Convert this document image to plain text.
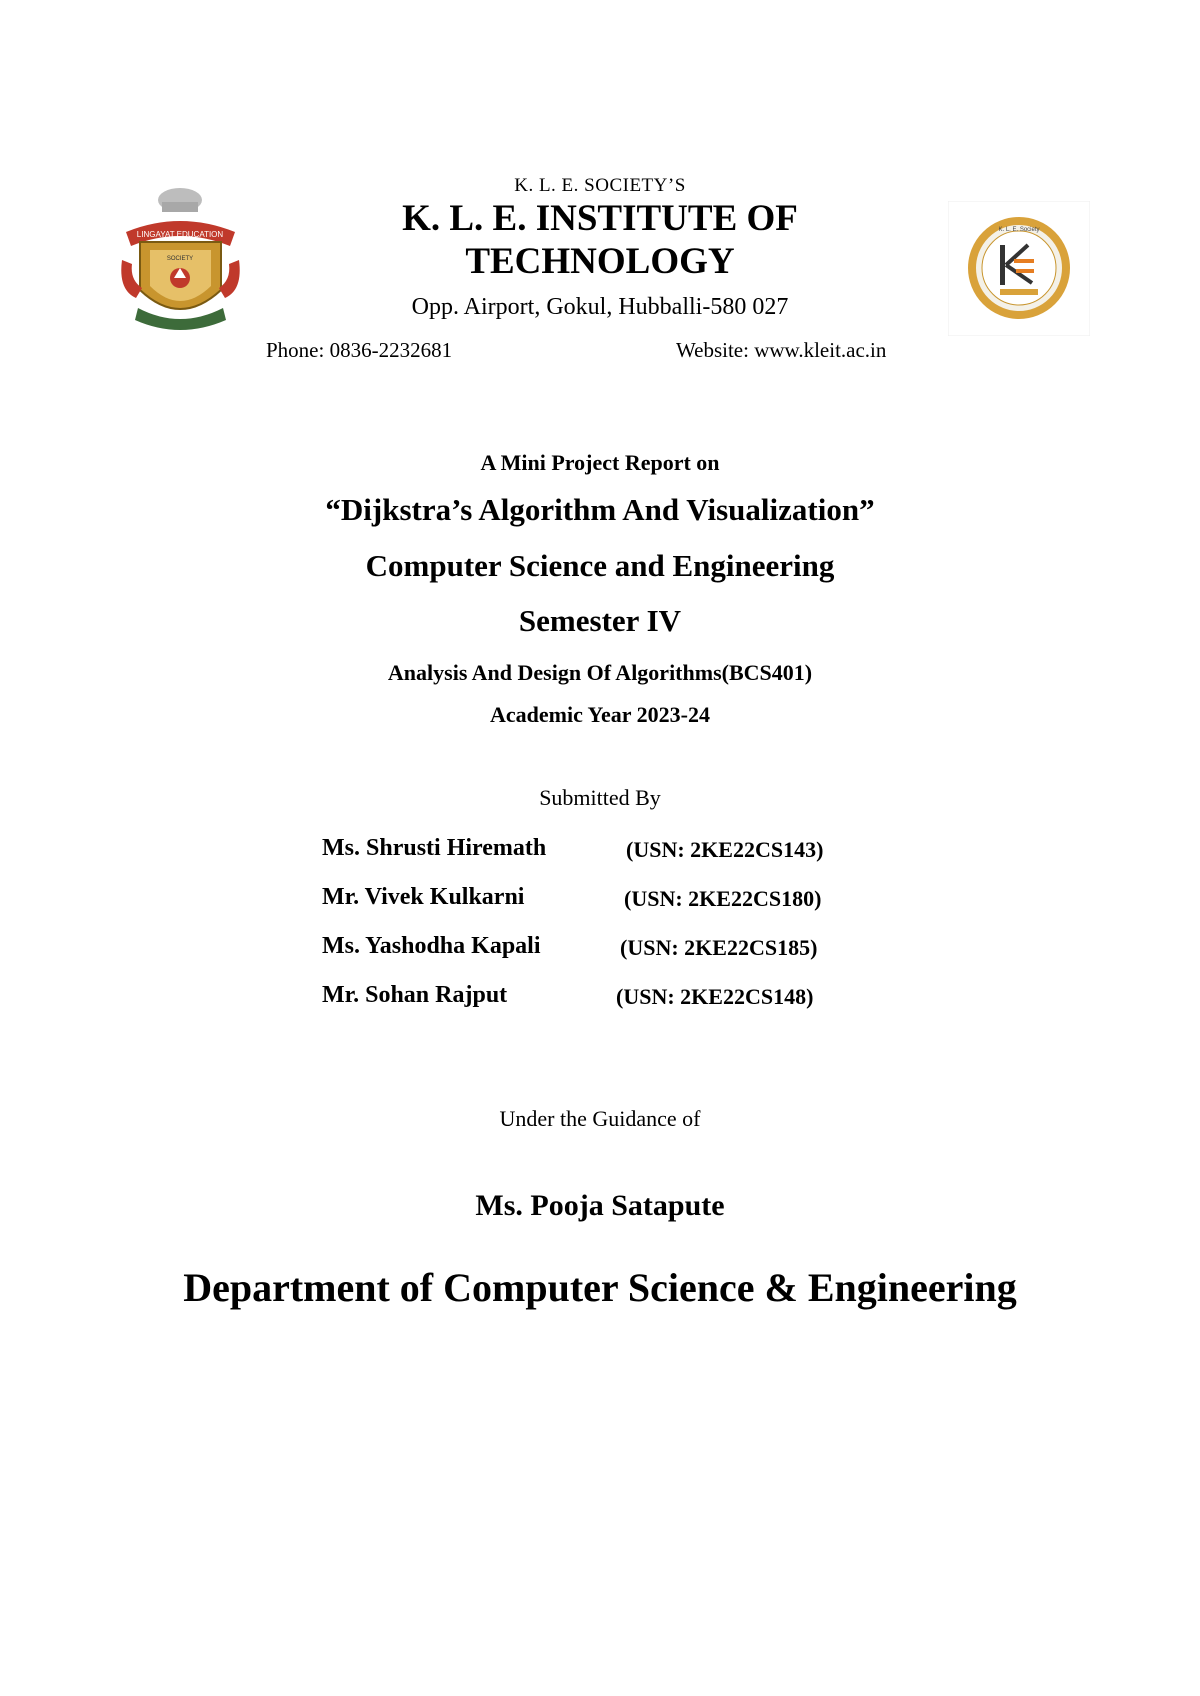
LINGAYAT EDUCATION
SOCIETY
K. L. E. Society
K. L. E. SOCIETY’S
K. L. E. INSTITUTE OF
TECHNOLOGY
Opp. Airport, Gokul, Hubballi-580 027
Phone: 0836-2232681	Website: www.kleit.ac.in
A Mini Project Report on
“Dijkstra’s Algorithm And Visualization”
Computer Science and Engineering
Semester IV
Analysis And Design Of Algorithms(BCS401)
Academic Year 2023-24
Submitted By
Ms. Shrusti Hiremath	(USN: 2KE22CS143)
Mr. Vivek Kulkarni	(USN: 2KE22CS180)
Ms. Yashodha Kapali	(USN: 2KE22CS185)
Mr. Sohan Rajput	(USN: 2KE22CS148)
Under the Guidance of
Ms. Pooja Satapute
Department of Computer Science & Engineering
